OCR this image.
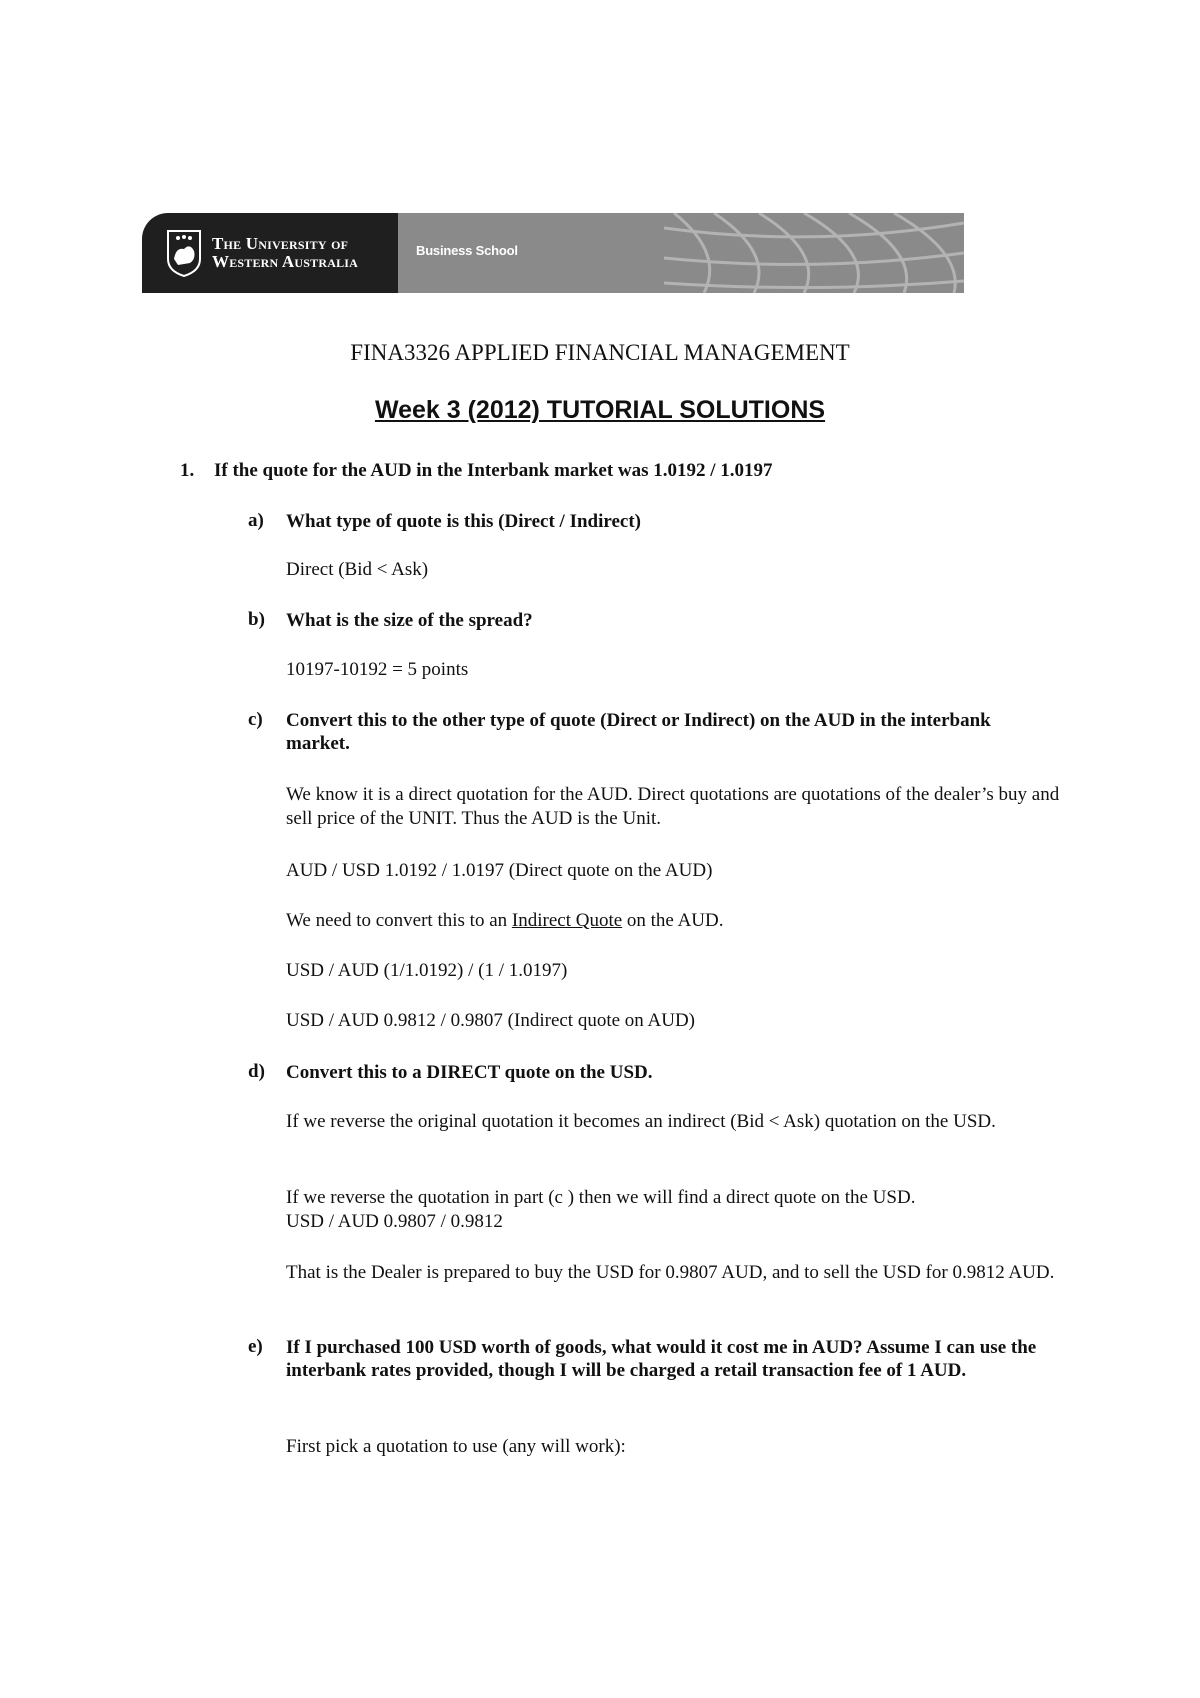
The University of
Western Australia
Business School
FINA3326 APPLIED FINANCIAL MANAGEMENT
Week 3 (2012) TUTORIAL SOLUTIONS
1. If the quote for the AUD in the Interbank market was 1.0192 / 1.0197
a) What type of quote is this (Direct / Indirect)
Direct (Bid < Ask)
b) What is the size of the spread?
10197-10192 = 5 points
c) Convert this to the other type of quote (Direct or Indirect) on the AUD in the interbank market.
We know it is a direct quotation for the AUD. Direct quotations are quotations of the dealer’s buy and sell price of the UNIT. Thus the AUD is the Unit.
AUD / USD 1.0192 / 1.0197 (Direct quote on the AUD)
We need to convert this to an Indirect Quote on the AUD.
USD / AUD (1/1.0192) / (1 / 1.0197)
USD / AUD 0.9812 / 0.9807 (Indirect quote on AUD)
d) Convert this to a DIRECT quote on the USD.
If we reverse the original quotation it becomes an indirect (Bid < Ask) quotation on the USD.
If we reverse the quotation in part (c ) then we will find a direct quote on the USD.
USD / AUD 0.9807 / 0.9812
That is the Dealer is prepared to buy the USD for 0.9807 AUD, and to sell the USD for 0.9812 AUD.
e) If I purchased 100 USD worth of goods, what would it cost me in AUD? Assume I can use the interbank rates provided, though I will be charged a retail transaction fee of 1 AUD.
First pick a quotation to use (any will work):
